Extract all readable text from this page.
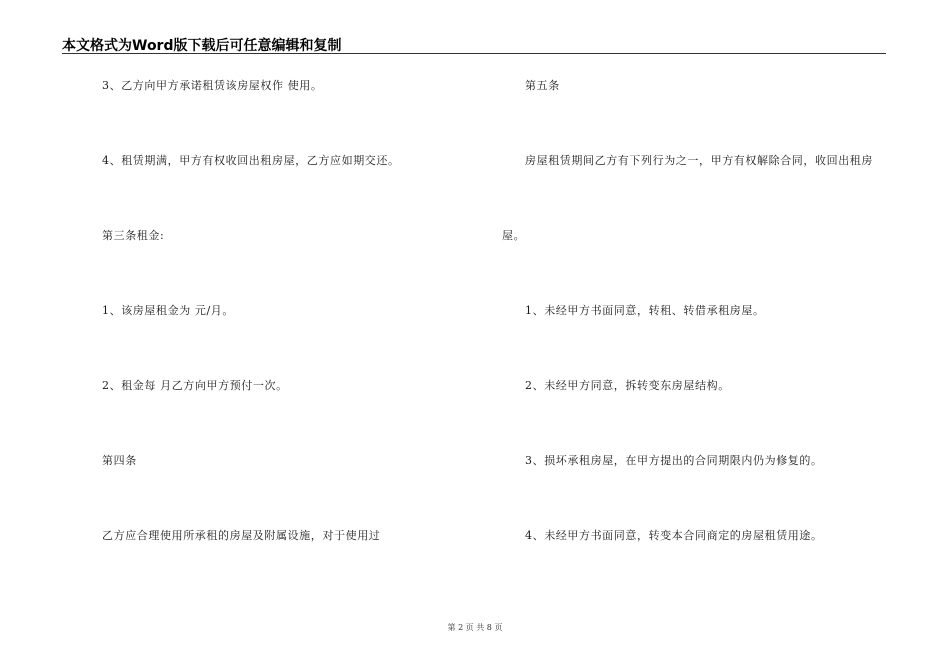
本文格式为Word版下载后可任意编辑和复制
3、乙方向甲方承诺租赁该房屋权作 使用。
4、租赁期满，甲方有权收回出租房屋，乙方应如期交还。
第三条租金:
1、该房屋租金为 元/月。
2、租金每 月乙方向甲方预付一次。
第四条
乙方应合理使用所承租的房屋及附属设施，对于使用过
第五条
房屋租赁期间乙方有下列行为之一，甲方有权解除合同，收回出租房
屋。
1、未经甲方书面同意，转租、转借承租房屋。
2、未经甲方同意，拆转变东房屋结构。
3、损坏承租房屋，在甲方提出的合同期限内仍为修复的。
4、未经甲方书面同意，转变本合同商定的房屋租赁用途。
第 2 页 共 8 页
